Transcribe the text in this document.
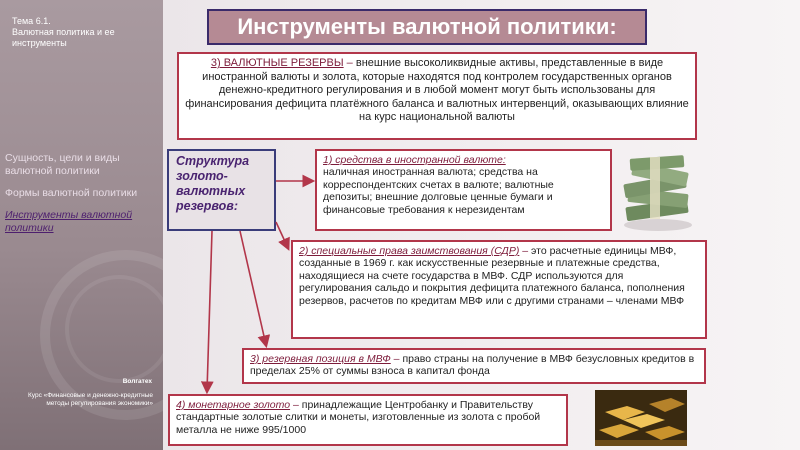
Тема 6.1.
Валютная политика и ее инструменты
Сущность, цели и виды валютной политики
Формы валютной политики
Инструменты валютной политики
Волгатех
Курс «Финансовые и денежно-кредитные методы регулирования экономики»
Инструменты валютной политики:
3) ВАЛЮТНЫЕ РЕЗЕРВЫ – внешние высоколиквидные активы, представленные в виде иностранной валюты и золота, которые находятся под контролем государственных органов денежно-кредитного регулирования и в любой момент могут быть использованы для финансирования дефицита платёжного баланса и валютных интервенций, оказывающих влияние на курс национальной валюты
Структура золото-валютных резервов:
1) средства в иностранной валюте:
наличная иностранная валюта; средства на корреспондентских счетах в валюте; валютные депозиты; внешние долговые ценные бумаги и финансовые требования к нерезидентам
2) специальные права заимствования (СДР) – это расчетные единицы МВФ, созданные в 1969 г. как искусственные резервные и платежные средства, находящиеся на счете государства в МВФ. СДР используются для регулирования сальдо и покрытия дефицита платежного баланса, пополнения резервов, расчетов по кредитам МВФ или с другими странами – членами МВФ
3) резервная позиция в МВФ – право страны на получение в МВФ безусловных кредитов в пределах 25% от суммы взноса в капитал фонда
4) монетарное золото – принадлежащие Центробанку и Правительству стандартные золотые слитки и монеты, изготовленные из золота с пробой металла не ниже 995/1000
